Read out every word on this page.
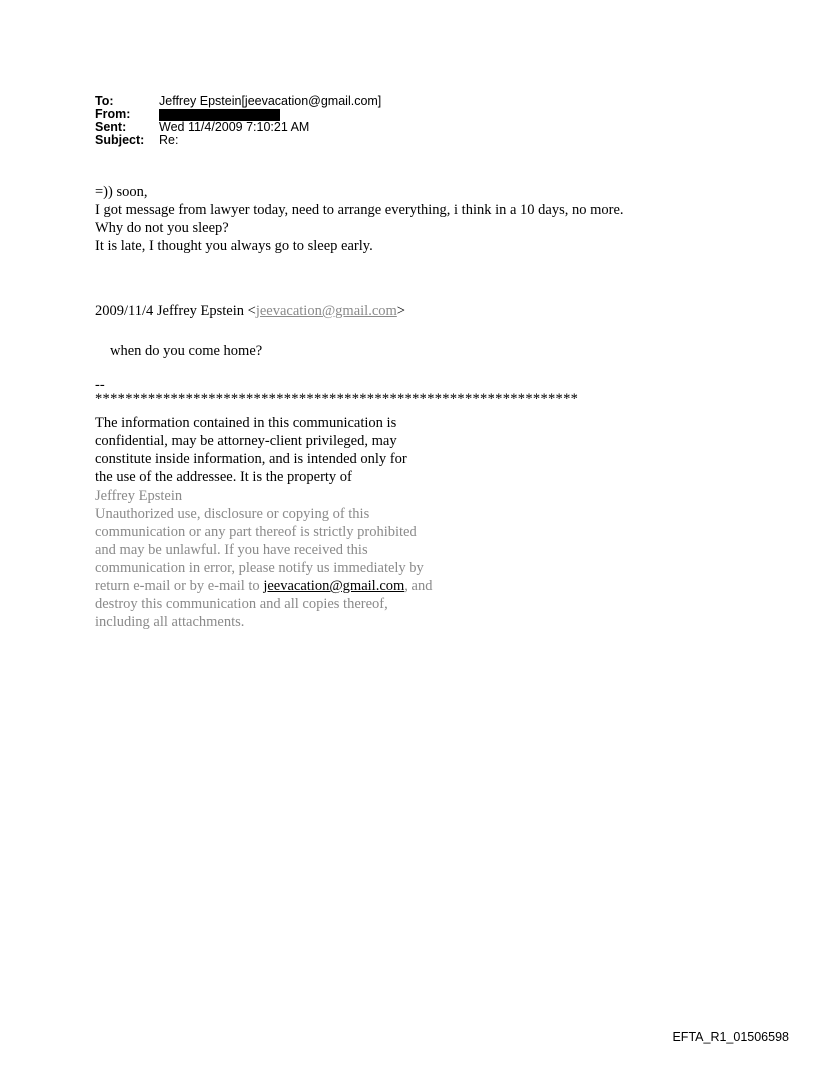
To:	Jeffrey Epstein[jeevacation@gmail.com]
From:
Sent:	Wed 11/4/2009 7:10:21 AM
Subject: Re:
=)) soon,
I got message from lawyer today, need to arrange everything, i think in a 10 days, no more.
Why do not you sleep?
It is late, I thought you always go to sleep early.
2009/11/4 Jeffrey Epstein <jeevacation@gmail.com>
when do you come home?
--
****************************************************************
The information contained in this communication is
confidential, may be attorney-client privileged, may
constitute inside information, and is intended only for
the use of the addressee. It is the property of
Jeffrey Epstein
Unauthorized use, disclosure or copying of this
communication or any part thereof is strictly prohibited
and may be unlawful. If you have received this
communication in error, please notify us immediately by
return e-mail or by e-mail to jeevacation@gmail.com, and
destroy this communication and all copies thereof,
including all attachments.
EFTA_R1_01506598
